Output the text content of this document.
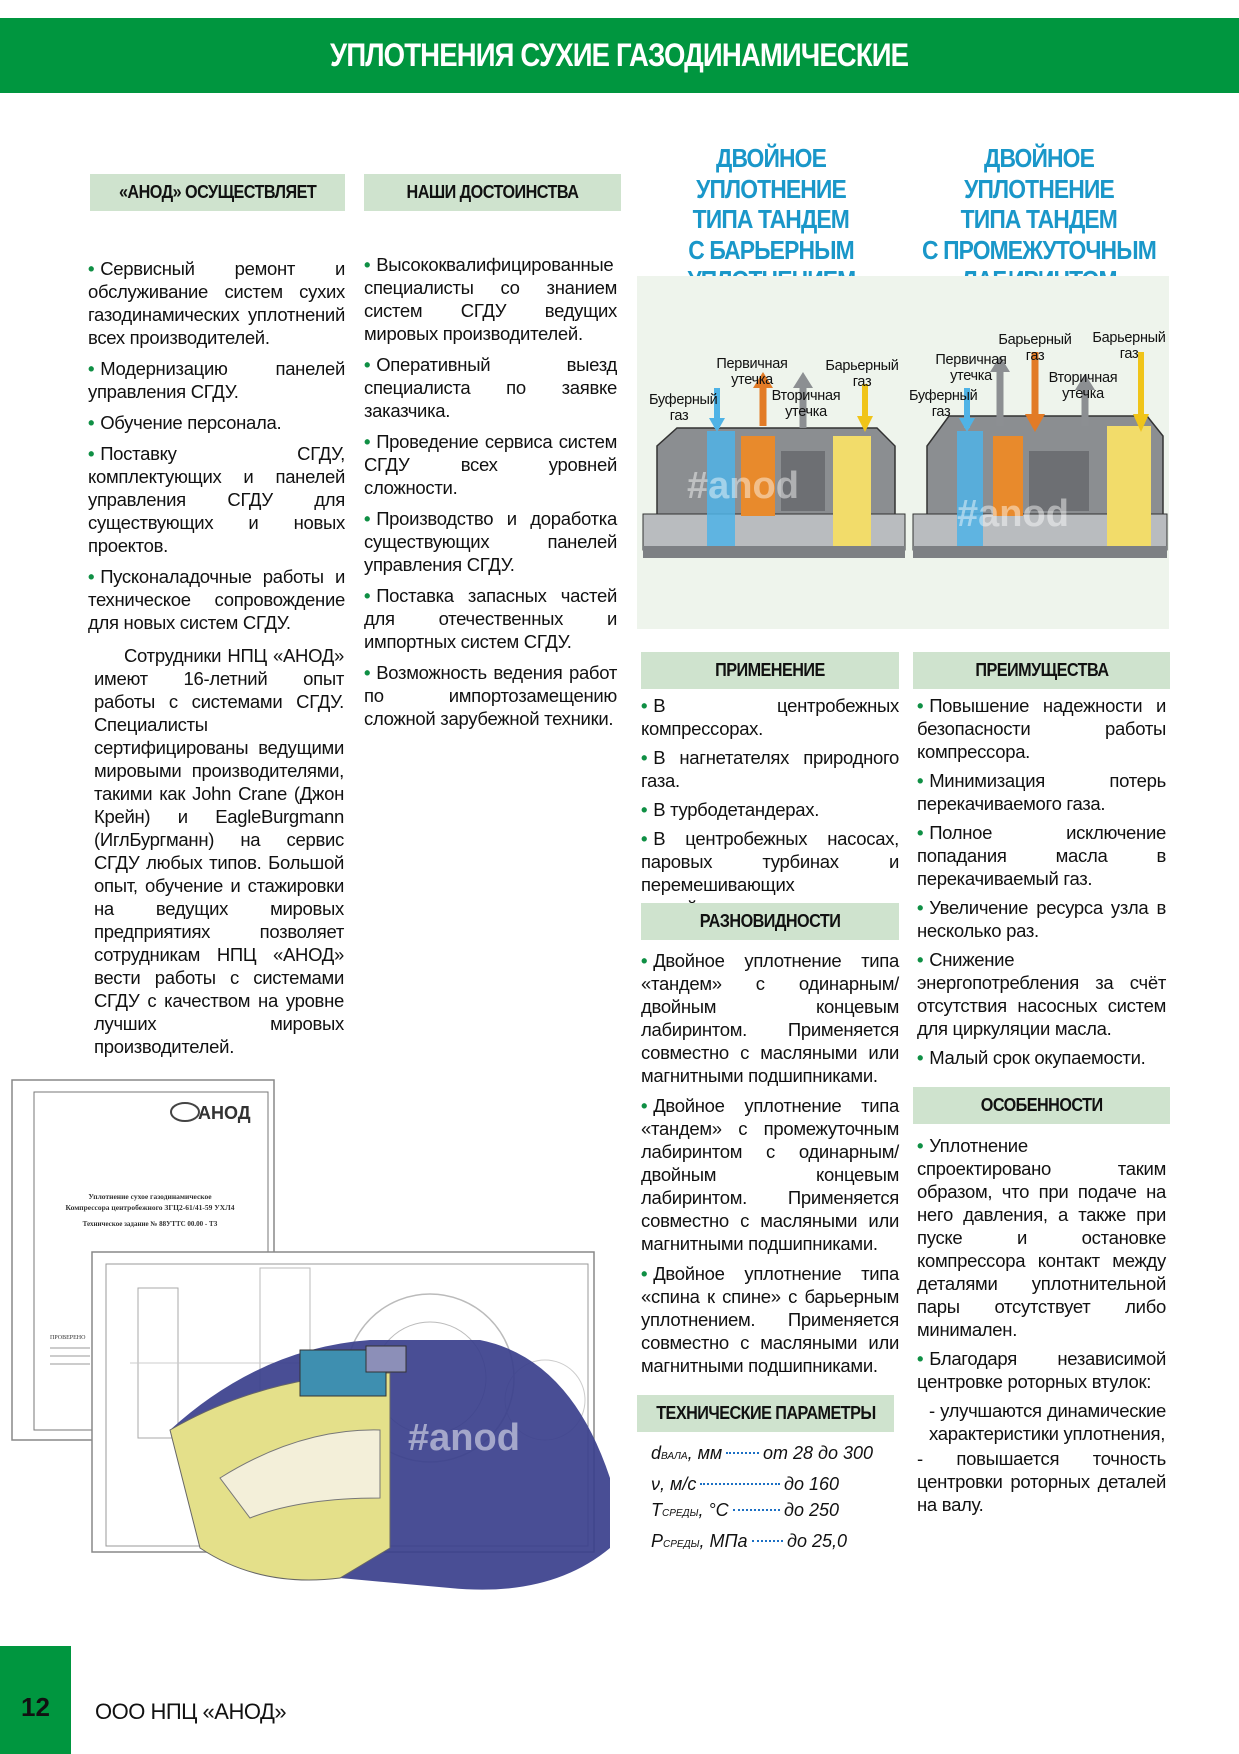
УПЛОТНЕНИЯ СУХИЕ ГАЗОДИНАМИЧЕСКИЕ
«АНОД» ОСУЩЕСТВЛЯЕТ
• Сервисный ремонт и обслуживание систем сухих газодинамических уплотнений всех производителей.
• Модернизацию панелей управления СГДУ.
• Обучение персонала.
• Поставку СГДУ, комплектующих и панелей управления СГДУ для существующих и новых проектов.
• Пусконаладочные работы и техническое сопровождение для новых систем СГДУ.
Сотрудники НПЦ «АНОД» имеют 16-летний опыт работы с системами СГДУ. Специалисты сертифицированы ведущими мировыми производителями, такими как John Crane (Джон Крейн) и EagleBurgmann (ИглБургманн) на сервис СГДУ любых типов. Большой опыт, обучение и стажировки на ведущих мировых предприятиях позволяет сотрудникам НПЦ «АНОД» вести работы с системами СГДУ с качеством на уровне лучших мировых производителей.
НАШИ ДОСТОИНСТВА
• Высококвалифицированные специалисты со знанием систем СГДУ ведущих мировых производителей.
• Оперативный выезд специалиста по заявке заказчика.
• Проведение сервиса систем СГДУ всех уровней сложности.
• Производство и доработка существующих панелей управления СГДУ.
• Поставка запасных частей для отечественных и импортных систем СГДУ.
• Возможность ведения работ по импортозамещению сложной зарубежной техники.
ДВОЙНОЕ УПЛОТНЕНИЕ
ТИПА ТАНДЕМ
С БАРЬЕРНЫМ
ДВОЙНОЕ УПЛОТНЕНИЕ
ТИПА ТАНДЕМ
С ПРОМЕЖУТОЧНЫМ
#anod
#anod
Буферный газ
Первичная утечка
Вторичная утечка
Барьерный газ
Буферный газ
Первичная утечка
Барьерный газ
Вторичная утечка
Барьерный газ
ПРИМЕНЕНИЕ
• В центробежных компрессорах.
• В нагнетателях природного газа.
• В турбодетандерах.
• В центробежных насосах, паровых турбинах и перемешивающих
РАЗНОВИДНОСТИ
• Двойное уплотнение типа «тандем» с одинарным/двойным концевым лабиринтом. Применяется совместно с масляными или магнитными подшипниками.
• Двойное уплотнение типа «тандем» с промежуточным лабиринтом с одинарным/двойным концевым лабиринтом. Применяется совместно с масляными или магнитными подшипниками.
• Двойное уплотнение типа «спина к спине» с барьерным уплотнением. Применяется совместно с масляными или магнитными подшипниками.
ТЕХНИЧЕСКИЕ ПАРАМЕТРЫ
$d_{ВАЛА}$ , мм от 28 до 300
ν , м/с	до 160
$T_{СРЕДЫ}$ , °C	до 250
$P_{СРЕДЫ}$ , МПа до 25,0
ПРЕИМУЩЕСТВА
• Повышение надежности и безопасности работы компрессора.
• Минимизация потерь перекачиваемого газа.
• Полное исключение попадания масла в перекачиваемый газ.
• Увеличение ресурса узла в несколько раз.
• Снижение энергопотребления за счёт отсутствия насосных систем для циркуляции масла.
• Малый срок окупаемости.
ОСОБЕННОСТИ
• Уплотнение спроектировано таким образом, что при подаче на него давления, а также при пуске и остановке компрессора контакт между деталями уплотнительной пары отсутствует либо минимален.
• Благодаря независимой центровке роторных втулок:
- улучшаются динамические характеристики уплотнения,
- повышается точность центровки роторных деталей на валу.
АНОД
Уплотнение сухое газодинамическое
Компрессора центробежного ЗГЦ2-61/41-59 УХЛ4
Техническое задание № 88УТТС 00.00 - ТЗ
ПРОВЕРЕНО
#anod
12	ООО НПЦ «АНОД»
